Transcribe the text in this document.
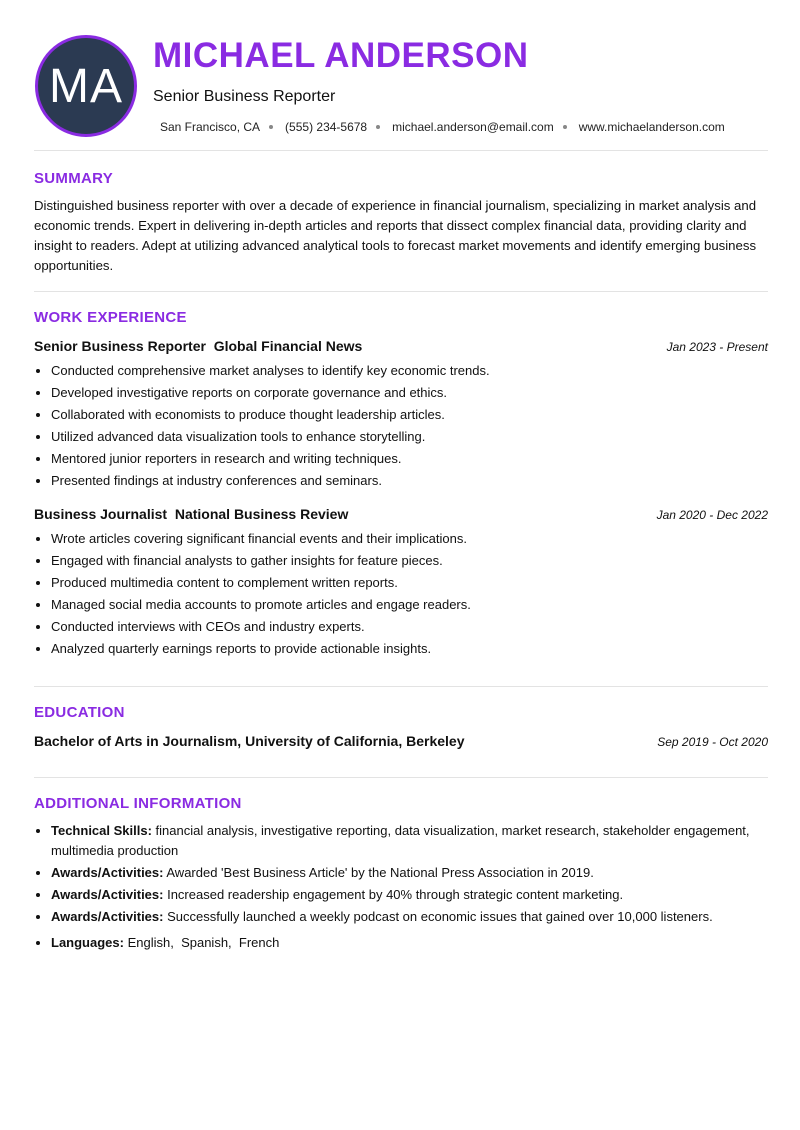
MA
MICHAEL ANDERSON
Senior Business Reporter
San Francisco, CA (555) 234-5678 michael.anderson@email.com www.michaelanderson.com
SUMMARY

Distinguished business reporter with over a decade of experience in financial journalism, specializing in market analysis and economic trends. Expert in delivering in-depth articles and reports that dissect complex financial data, providing clarity and insight to readers. Adept at utilizing advanced analytical tools to forecast market movements and identify emerging business opportunities.

WORK EXPERIENCE
Senior Business Reporter Global Financial News	Jan 2023 - Present
• Conducted comprehensive market analyses to identify key economic trends.
• Developed investigative reports on corporate governance and ethics.
• Collaborated with economists to produce thought leadership articles.
• Utilized advanced data visualization tools to enhance storytelling.
• Mentored junior reporters in research and writing techniques.
• Presented findings at industry conferences and seminars.
Business Journalist National Business Review	Jan 2020 - Dec 2022
• Wrote articles covering significant financial events and their implications.
• Engaged with financial analysts to gather insights for feature pieces.
• Produced multimedia content to complement written reports.
• Managed social media accounts to promote articles and engage readers.
• Conducted interviews with CEOs and industry experts.
• Analyzed quarterly earnings reports to provide actionable insights.
EDUCATION
Bachelor of Arts in Journalism, University of California, Berkeley	Sep 2019 - Oct 2020
ADDITIONAL INFORMATION
• Technical Skills: financial analysis, investigative reporting, data visualization, market research, stakeholder engagement, multimedia production
• Awards/Activities: Awarded 'Best Business Article' by the National Press Association in 2019.
• Awards/Activities: Increased readership engagement by 40% through strategic content marketing.
• Awards/Activities: Successfully launched a weekly podcast on economic issues that gained over 10,000 listeners.
• Languages: English,  Spanish,  French
